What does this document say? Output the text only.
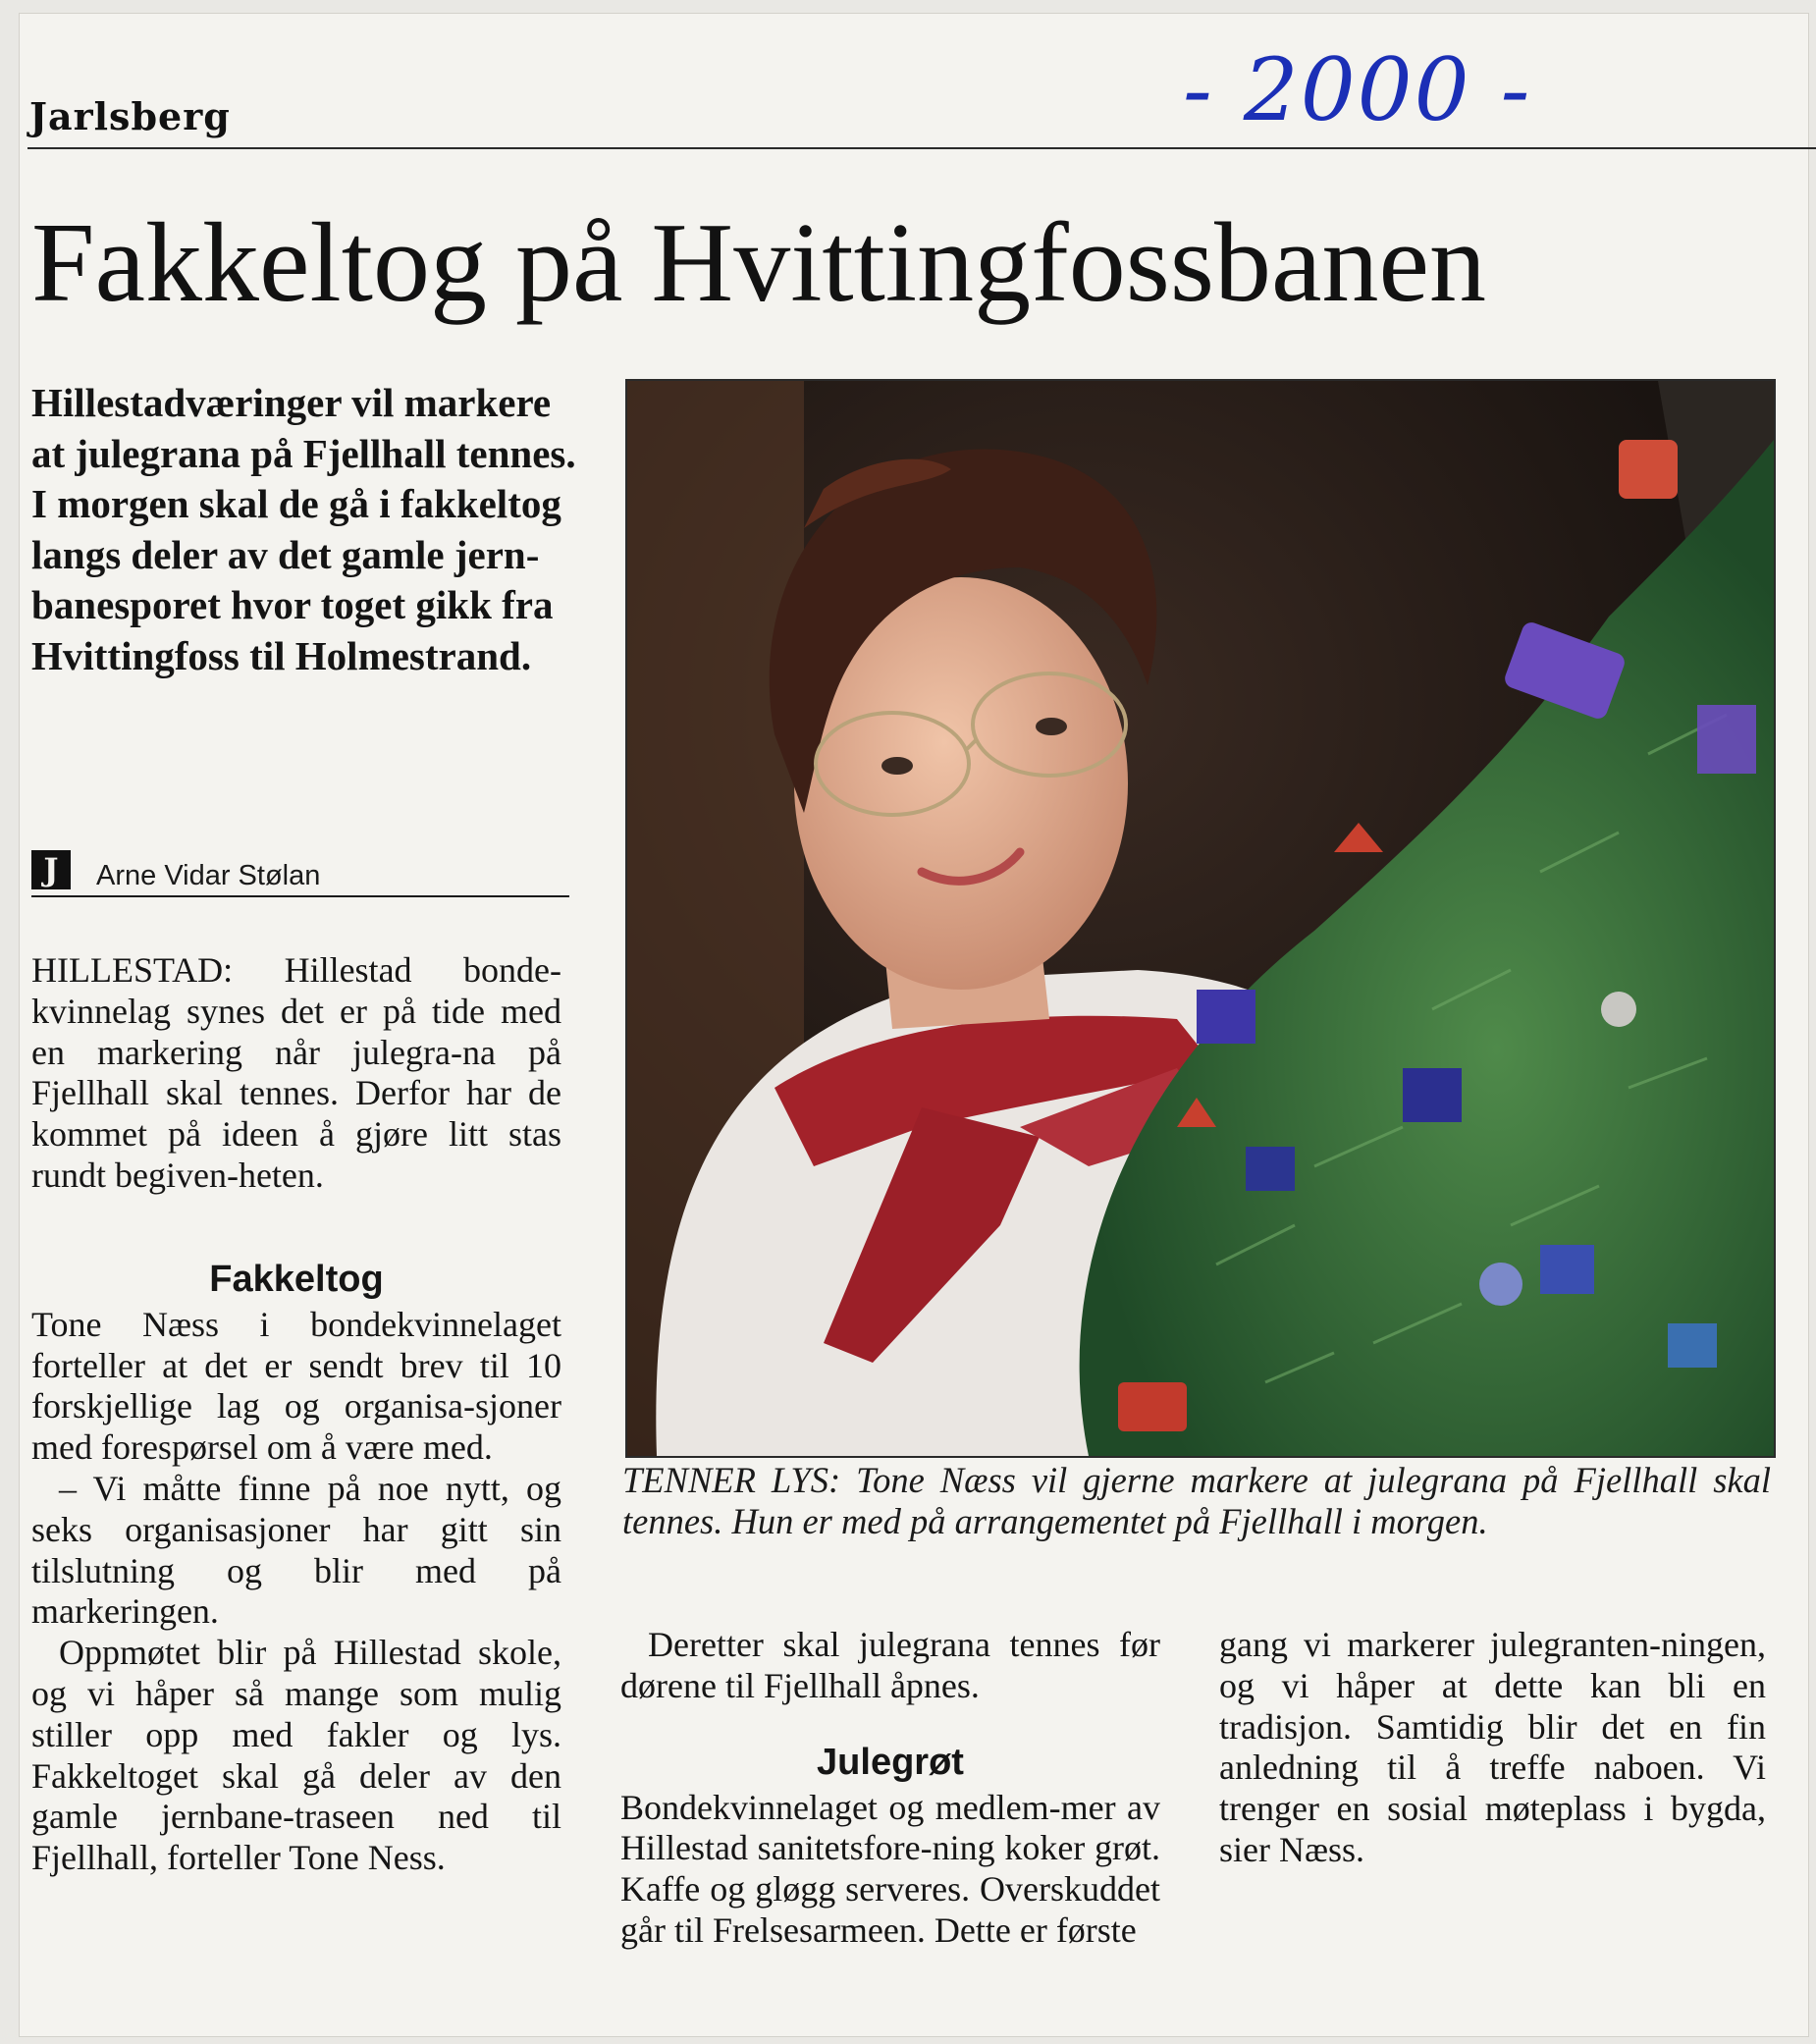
Jarlsberg	- 2000 -
Fakkeltog på Hvittingfossbanen
Hillestadværinger vil markere at julegrana på Fjellhall tennes. I morgen skal de gå i fakkeltog langs deler av det gamle jern-banesporet hvor toget gikk fra Hvittingfoss til Holmestrand.
J	Arne Vidar Stølan

HILLESTAD: Hillestad bonde-kvinnelag synes det er på tide med en markering når julegra-na på Fjellhall skal tennes. Derfor har de kommet på ideen å gjøre litt stas rundt begiven-heten.

Fakkeltog

Tone Næss i bondekvinnelaget forteller at det er sendt brev til 10 forskjellige lag og organisa-sjoner med forespørsel om å være med.

– Vi måtte finne på noe nytt, og seks organisasjoner har gitt sin tilslutning og blir med på markeringen.

Oppmøtet blir på Hillestad skole, og vi håper så mange som mulig stiller opp med fakler og lys. Fakkeltoget skal gå deler av den gamle jernbane-traseen ned til Fjellhall, forteller Tone Ness.

TENNER LYS: Tone Næss vil gjerne markere at julegrana på Fjellhall skal tennes. Hun er med på arrangementet på Fjellhall i morgen.

Deretter skal julegrana tennes før dørene til Fjellhall åpnes.

Julegrøt

Bondekvinnelaget og medlem-mer av Hillestad sanitetsfore-ning koker grøt. Kaffe og gløgg serveres. Overskuddet går til Frelsesarmeen. Dette er første

gang vi markerer julegranten-ningen, og vi håper at dette kan bli en tradisjon. Samtidig blir det en fin anledning til å treffe naboen. Vi trenger en sosial møteplass i bygda, sier Næss.
